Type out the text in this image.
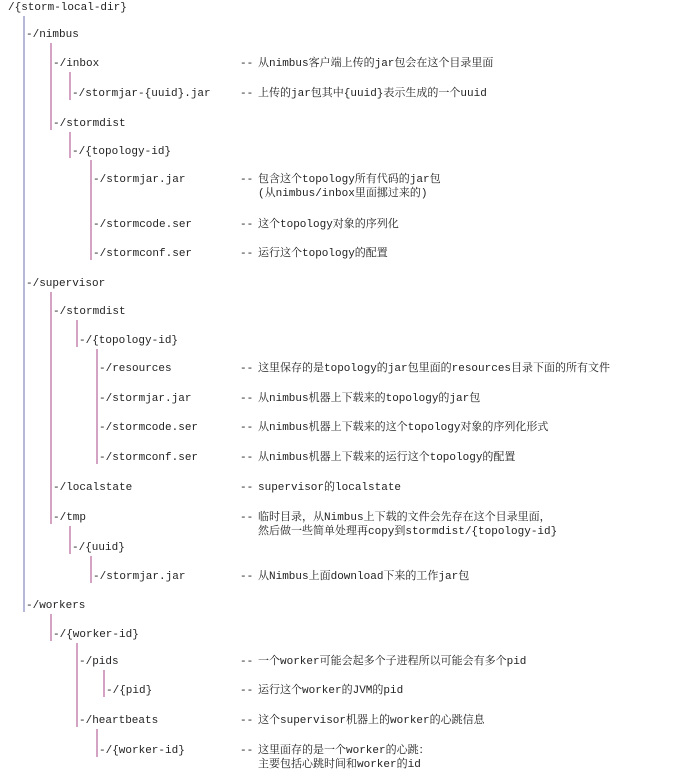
/{storm-local-dir}
-/nimbus
-/inbox	-- 从nimbus客户端上传的jar包会在这个目录里面
-/stormjar-{uuid}.jar	-- 上传的jar包其中{uuid}表示生成的一个uuid
-/stormdist
-/{topology-id}
-/stormjar.jar	-- 包含这个topology所有代码的jar包
(从nimbus/inbox里面挪过来的)
-/stormcode.ser	-- 这个topology对象的序列化
-/stormconf.ser	-- 运行这个topology的配置
-/supervisor
-/stormdist
-/{topology-id}
-/resources	-- 这里保存的是topology的jar包里面的resources目录下面的所有文件
-/stormjar.jar	-- 从nimbus机器上下载来的topology的jar包
-/stormcode.ser	-- 从nimbus机器上下载来的这个topology对象的序列化形式
-/stormconf.ser	-- 从nimbus机器上下载来的运行这个topology的配置
-/localstate	-- supervisor的localstate
-/tmp	-- 临时目录，从Nimbus上下载的文件会先存在这个目录里面，
然后做一些简单处理再copy到stormdist/{topology-id}
-/{uuid}
-/stormjar.jar	-- 从Nimbus上面download下来的工作jar包
-/workers
-/{worker-id}
-/pids	-- 一个worker可能会起多个子进程所以可能会有多个pid
-/{pid}	-- 运行这个worker的JVM的pid
-/heartbeats	-- 这个supervisor机器上的worker的心跳信息
-/{worker-id}	-- 这里面存的是一个worker的心跳：
主要包括心跳时间和worker的id
